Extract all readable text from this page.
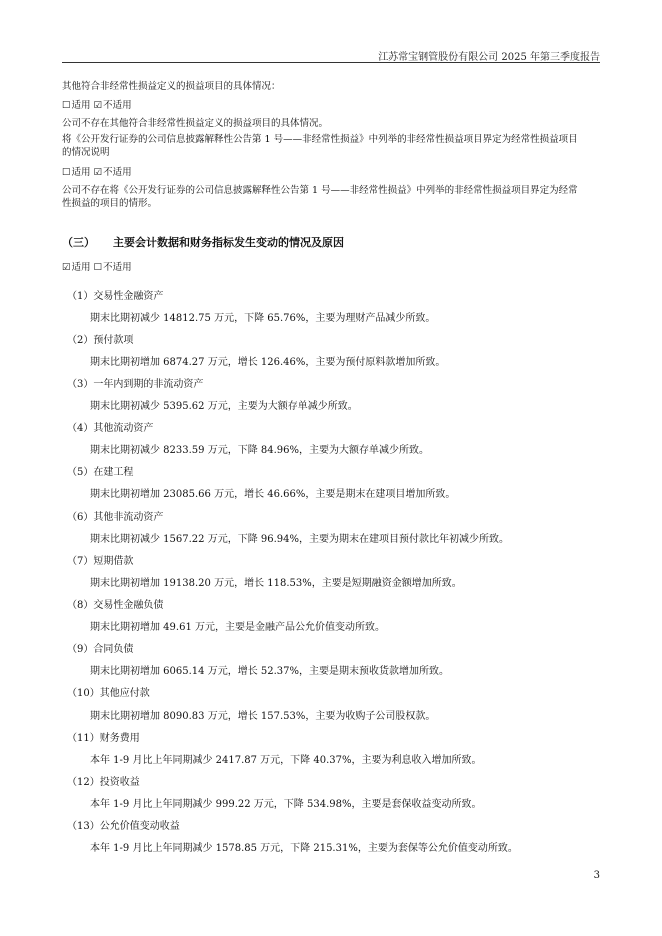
江苏常宝钢管股份有限公司 2025 年第三季度报告
其他符合非经常性损益定义的损益项目的具体情况：
☐适用 ☑不适用
公司不存在其他符合非经常性损益定义的损益项目的具体情况。
将《公开发行证券的公司信息披露解释性公告第 1 号——非经常性损益》中列举的非经常性损益项目界定为经常性损益项目的情况说明
☐适用 ☑不适用
公司不存在将《公开发行证券的公司信息披露解释性公告第 1 号——非经常性损益》中列举的非经常性损益项目界定为经常性损益的项目的情形。
（三） 主要会计数据和财务指标发生变动的情况及原因
☑适用 ☐不适用
（1）交易性金融资产
期末比期初减少 14812.75 万元，下降 65.76%，主要为理财产品减少所致。
（2）预付款项
期末比期初增加 6874.27 万元，增长 126.46%，主要为预付原料款增加所致。
（3）一年内到期的非流动资产
期末比期初减少 5395.62 万元，主要为大额存单减少所致。
（4）其他流动资产
期末比期初减少 8233.59 万元，下降 84.96%，主要为大额存单减少所致。
（5）在建工程
期末比期初增加 23085.66 万元，增长 46.66%，主要是期末在建项目增加所致。
（6）其他非流动资产
期末比期初减少 1567.22 万元，下降 96.94%，主要为期末在建项目预付款比年初减少所致。
（7）短期借款
期末比期初增加 19138.20 万元，增长 118.53%，主要是短期融资金额增加所致。
（8）交易性金融负债
期末比期初增加 49.61 万元，主要是金融产品公允价值变动所致。
（9）合同负债
期末比期初增加 6065.14 万元，增长 52.37%，主要是期末预收货款增加所致。
（10）其他应付款
期末比期初增加 8090.83 万元，增长 157.53%，主要为收购子公司股权款。
（11）财务费用
本年 1-9 月比上年同期减少 2417.87 万元，下降 40.37%，主要为利息收入增加所致。
（12）投资收益
本年 1-9 月比上年同期减少 999.22 万元，下降 534.98%，主要是套保收益变动所致。
（13）公允价值变动收益
本年 1-9 月比上年同期减少 1578.85 万元，下降 215.31%，主要为套保等公允价值变动所致。
3
